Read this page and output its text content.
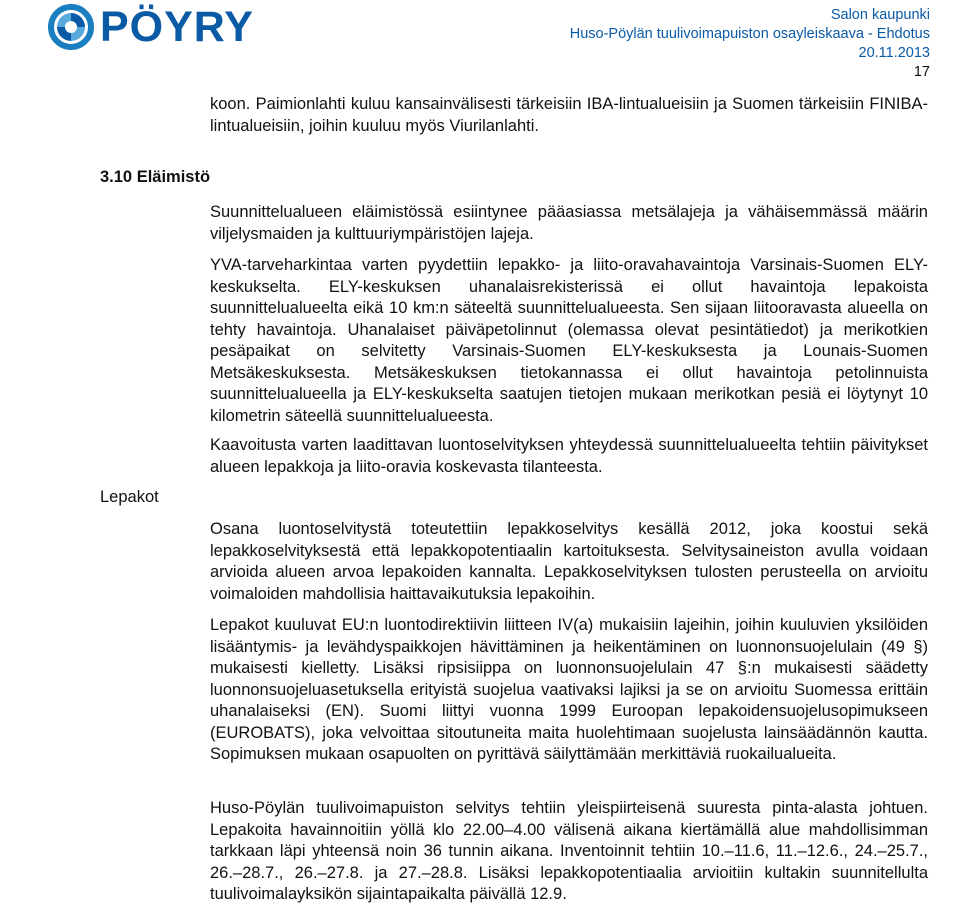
PÖYRY	Salon kaupunki
Huso-Pöylän tuulivoimapuiston osayleiskaava - Ehdotus
20.11.2013
17

koon. Paimionlahti kuluu kansainvälisesti tärkeisiin IBA-lintualueisiin ja Suomen tärkeisiin FINIBA-lintualueisiin, joihin kuuluu myös Viurilanlahti.

3.10 Eläimistö

Suunnittelualueen eläimistössä esiintynee pääasiassa metsälajeja ja vähäisemmässä määrin viljelysmaiden ja kulttuuriympäristöjen lajeja.

YVA-tarveharkintaa varten pyydettiin lepakko- ja liito-oravahavaintoja Varsinais-Suomen ELY-keskukselta. ELY-keskuksen uhanalaisrekisterissä ei ollut havaintoja lepakoista suunnittelualueelta eikä 10 km:n säteeltä suunnittelualueesta. Sen sijaan liitooravasta alueella on tehty havaintoja. Uhanalaiset päiväpetolinnut (olemassa olevat pesintätiedot) ja merikotkien pesäpaikat on selvitetty Varsinais-Suomen ELY-keskuksesta ja Lounais-Suomen Metsäkeskuksesta. Metsäkeskuksen tietokannassa ei ollut havaintoja petolinnuista suunnittelualueella ja ELY-keskukselta saatujen tietojen mukaan merikotkan pesiä ei löytynyt 10 kilometrin säteellä suunnittelualueesta.

Kaavoitusta varten laadittavan luontoselvityksen yhteydessä suunnittelualueelta tehtiin päivitykset alueen lepakkoja ja liito-oravia koskevasta tilanteesta.

Lepakot

Osana luontoselvitystä toteutettiin lepakkoselvitys kesällä 2012, joka koostui sekä lepakkoselvityksestä että lepakkopotentiaalin kartoituksesta. Selvitysaineiston avulla voidaan arvioida alueen arvoa lepakoiden kannalta. Lepakkoselvityksen tulosten perusteella on arvioitu voimaloiden mahdollisia haittavaikutuksia lepakoihin.

Lepakot kuuluvat EU:n luontodirektiivin liitteen IV(a) mukaisiin lajeihin, joihin kuuluvien yksilöiden lisääntymis- ja levähdyspaikkojen hävittäminen ja heikentäminen on luonnonsuojelulain (49 §) mukaisesti kielletty. Lisäksi ripsisiippa on luonnonsuojelulain 47 §:n mukaisesti säädetty luonnonsuojeluasetuksella erityistä suojelua vaativaksi lajiksi ja se on arvioitu Suomessa erittäin uhanalaiseksi (EN). Suomi liittyi vuonna 1999 Euroopan lepakoidensuojelusopimukseen (EUROBATS), joka velvoittaa sitoutuneita maita huolehtimaan suojelusta lainsäädännön kautta. Sopimuksen mukaan osapuolten on pyrittävä säilyttämään merkittäviä ruokailualueita.

Huso-Pöylän tuulivoimapuiston selvitys tehtiin yleispiirteisenä suuresta pinta-alasta johtuen. Lepakoita havainnoitiin yöllä klo 22.00–4.00 välisenä aikana kiertämällä alue mahdollisimman tarkkaan läpi yhteensä noin 36 tunnin aikana. Inventoinnit tehtiin 10.–11.6, 11.–12.6., 24.–25.7., 26.–28.7., 26.–27.8. ja 27.–28.8. Lisäksi lepakkopotentiaalia arvioitiin kultakin suunnitellulta tuulivoimalayksikön sijaintapaikalta päivällä 12.9.
